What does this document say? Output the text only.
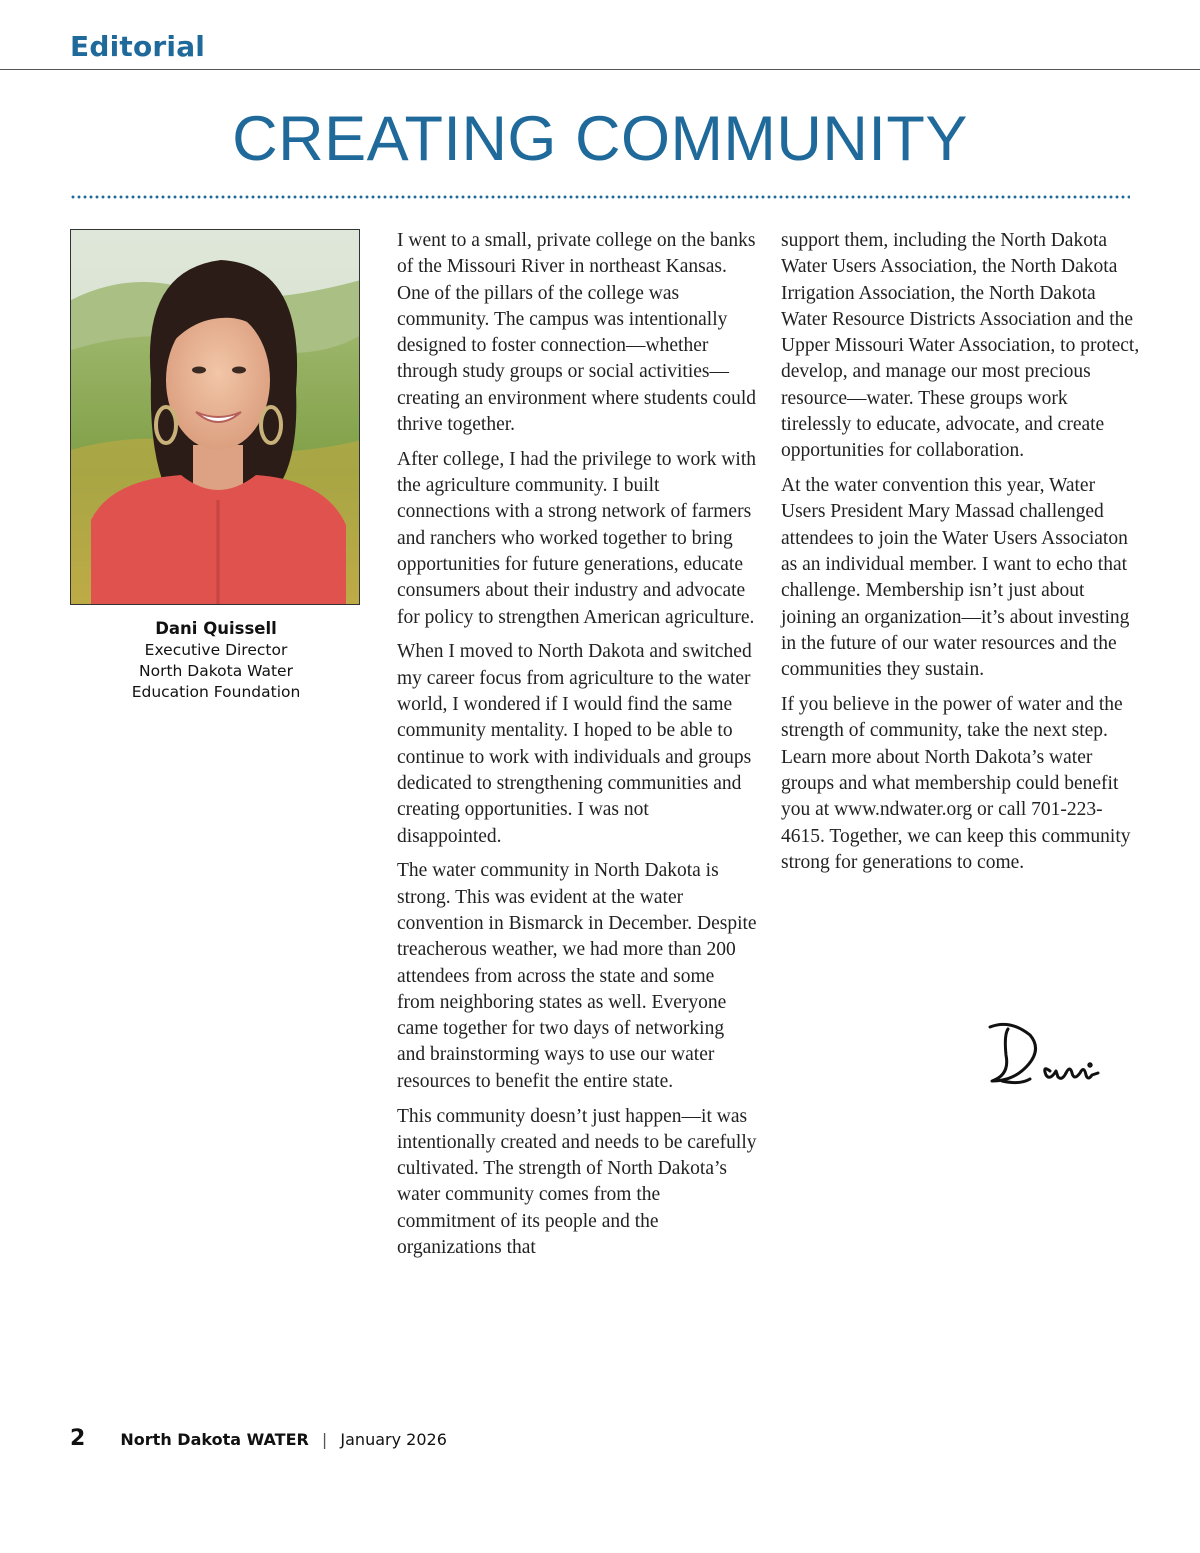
Editorial
CREATING COMMUNITY
Dani Quissell
Executive Director
North Dakota Water
Education Foundation

I went to a small, private college on the banks of the Missouri River in northeast Kansas. One of the pillars of the college was community. The campus was intentionally designed to foster connection—whether through study groups or social activities—creating an environment where students could thrive together.

After college, I had the privilege to work with the agriculture community. I built connections with a strong network of farmers and ranchers who worked together to bring opportunities for future generations, educate consumers about their industry and advocate for policy to strengthen American agriculture.

When I moved to North Dakota and switched my career focus from agriculture to the water world, I wondered if I would find the same community mentality. I hoped to be able to continue to work with individuals and groups dedicated to strengthening communities and creating opportunities. I was not disappointed.

The water community in North Dakota is strong. This was evident at the water convention in Bismarck in December. Despite treacherous weather, we had more than 200 attendees from across the state and some from neighboring states as well. Everyone came together for two days of networking and brainstorming ways to use our water resources to benefit the entire state.

This community doesn’t just happen—it was intentionally created and needs to be carefully cultivated. The strength of North Dakota’s water community comes from the commitment of its people and the organizations that

support them, including the North Dakota Water Users Association, the North Dakota Irrigation Association, the North Dakota Water Resource Districts Association and the Upper Missouri Water Association, to protect, develop, and manage our most precious resource—water. These groups work tirelessly to educate, advocate, and create opportunities for collaboration.

At the water convention this year, Water Users President Mary Massad challenged attendees to join the Water Users Associaton as an individual member. I want to echo that challenge. Membership isn’t just about joining an organization—it’s about investing in the future of our water resources and the communities they sustain.

If you believe in the power of water and the strength of community, take the next step. Learn more about North Dakota’s water groups and what membership could benefit you at www.ndwater.org or call 701-223-4615. Together, we can keep this community strong for generations to come.

2 North Dakota WATER | January 2026
